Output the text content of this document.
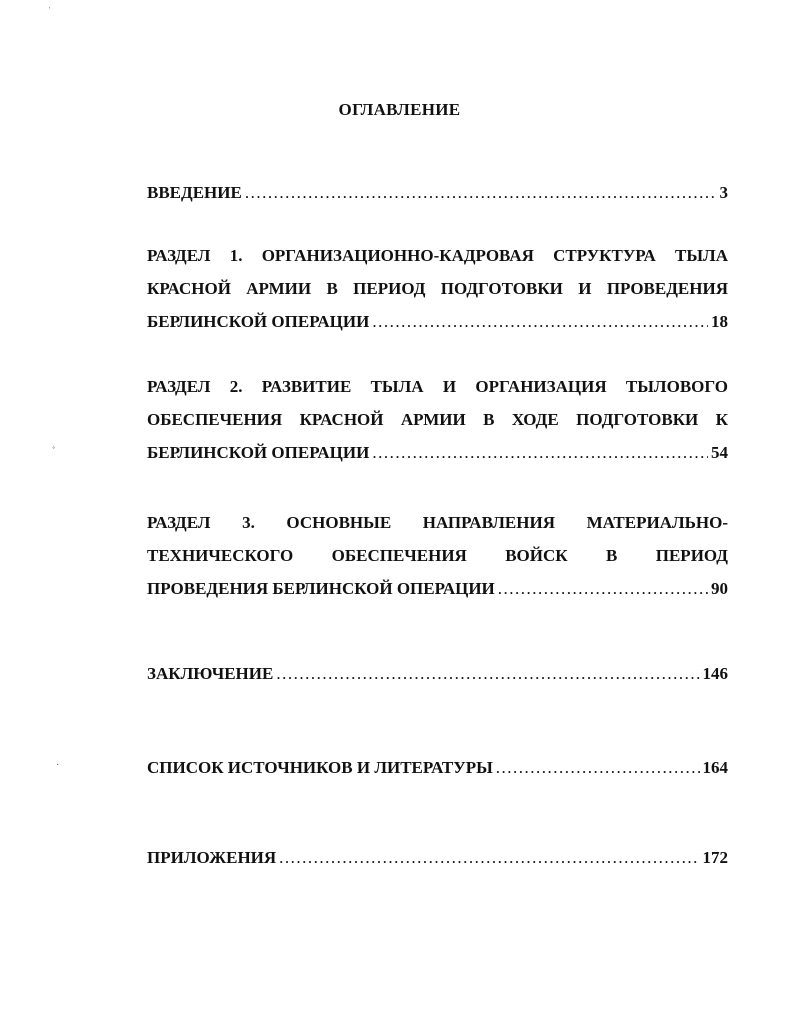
ОГЛАВЛЕНИЕ
ВВЕДЕНИЕ .....	3
РАЗДЕЛ 1. ОРГАНИЗАЦИОННО-КАДРОВАЯ СТРУКТУРА ТЫЛА
КРАСНОЙ АРМИИ В ПЕРИОД ПОДГОТОВКИ И ПРОВЕДЕНИЯ
БЕРЛИНСКОЙ ОПЕРАЦИИ .....	18
РАЗДЕЛ 2. РАЗВИТИЕ ТЫЛА И ОРГАНИЗАЦИЯ ТЫЛОВОГО
ОБЕСПЕЧЕНИЯ КРАСНОЙ АРМИИ В ХОДЕ ПОДГОТОВКИ К
БЕРЛИНСКОЙ ОПЕРАЦИИ .....	54
РАЗДЕЛ 3. ОСНОВНЫЕ НАПРАВЛЕНИЯ МАТЕРИАЛЬНО-
ТЕХНИЧЕСКОГО ОБЕСПЕЧЕНИЯ ВОЙСК В ПЕРИОД
ПРОВЕДЕНИЯ БЕРЛИНСКОЙ ОПЕРАЦИИ .....	90
ЗАКЛЮЧЕНИЕ .....	146
СПИСОК ИСТОЧНИКОВ И ЛИТЕРАТУРЫ .....	164
ПРИЛОЖЕНИЯ .....	172
˚
·
ˈ
